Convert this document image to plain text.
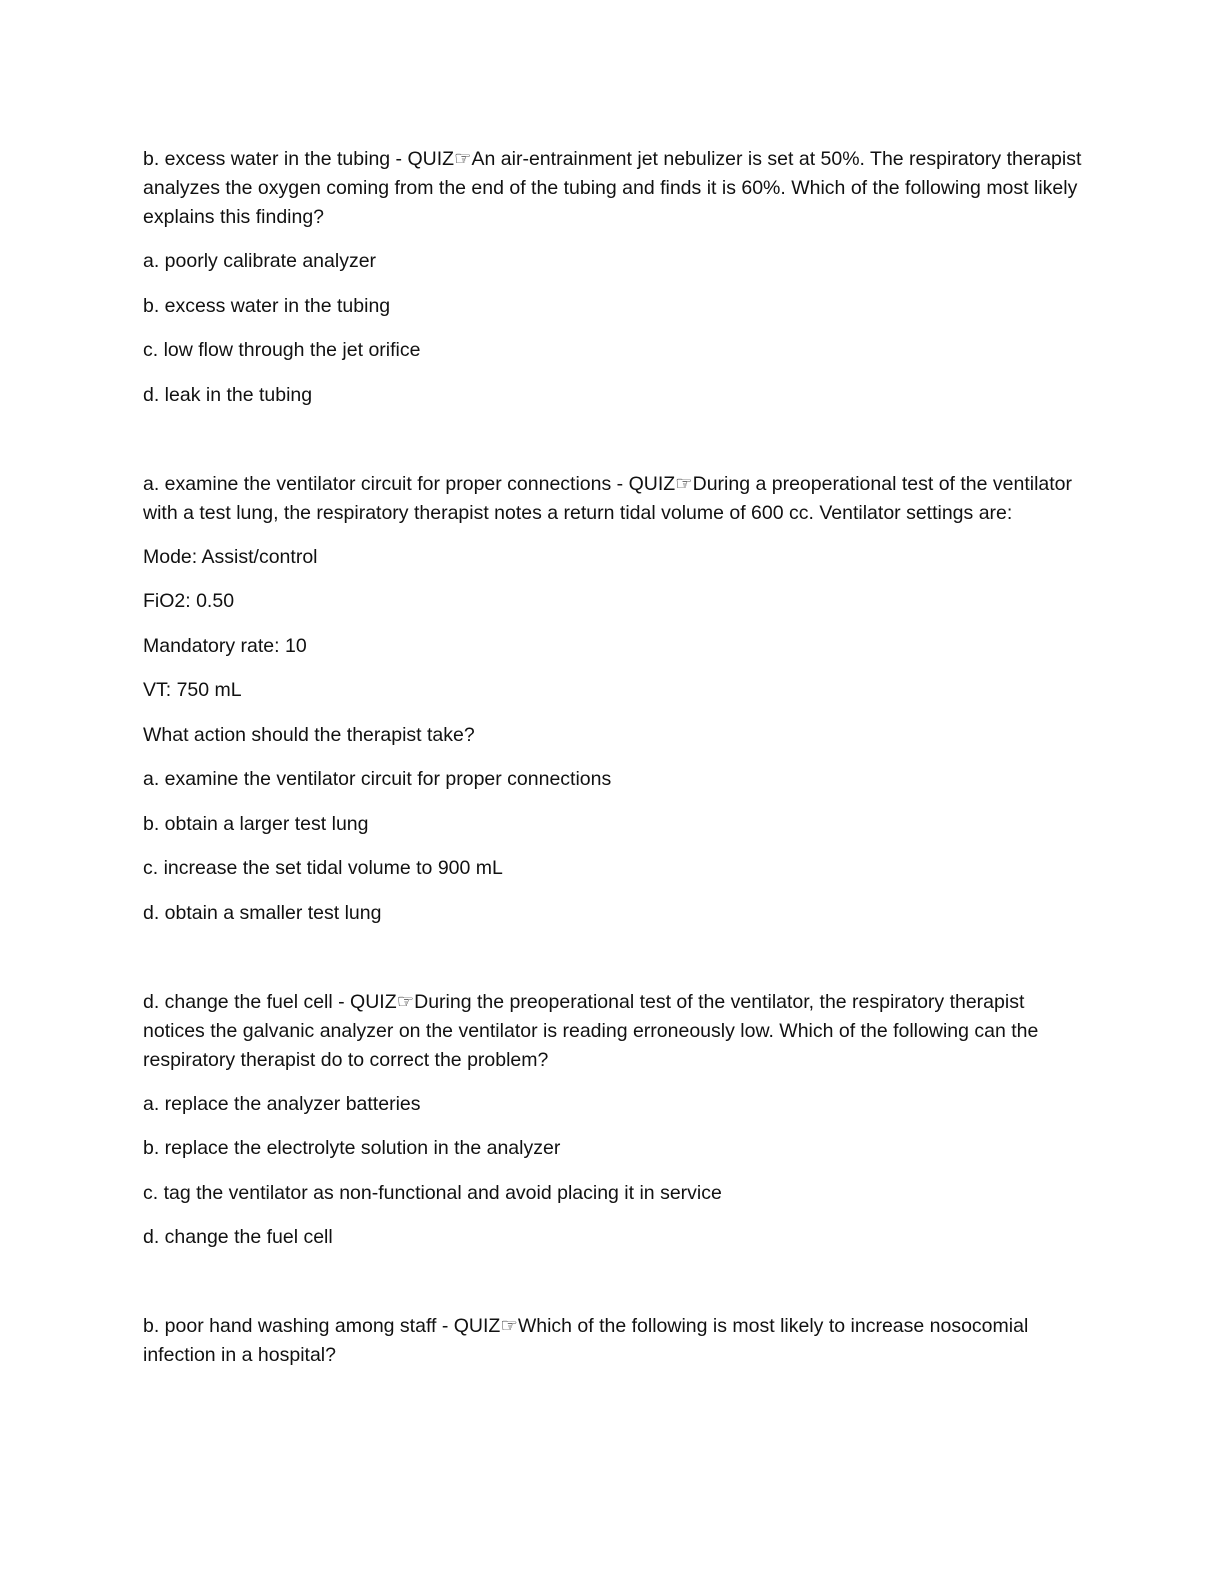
b. excess water in the tubing - QUIZ☞An air-entrainment jet nebulizer is set at 50%. The respiratory therapist analyzes the oxygen coming from the end of the tubing and finds it is 60%. Which of the following most likely explains this finding?

a. poorly calibrate analyzer

b. excess water in the tubing

c. low flow through the jet orifice

d. leak in the tubing

a. examine the ventilator circuit for proper connections - QUIZ☞During a preoperational test of the ventilator with a test lung, the respiratory therapist notes a return tidal volume of 600 cc. Ventilator settings are:

Mode: Assist/control

FiO2: 0.50

Mandatory rate: 10

VT: 750 mL

What action should the therapist take?

a. examine the ventilator circuit for proper connections

b. obtain a larger test lung

c. increase the set tidal volume to 900 mL

d. obtain a smaller test lung

d. change the fuel cell - QUIZ☞During the preoperational test of the ventilator, the respiratory therapist notices the galvanic analyzer on the ventilator is reading erroneously low. Which of the following can the respiratory therapist do to correct the problem?

a. replace the analyzer batteries

b. replace the electrolyte solution in the analyzer

c. tag the ventilator as non-functional and avoid placing it in service

d. change the fuel cell

b. poor hand washing among staff - QUIZ☞Which of the following is most likely to increase nosocomial infection in a hospital?
